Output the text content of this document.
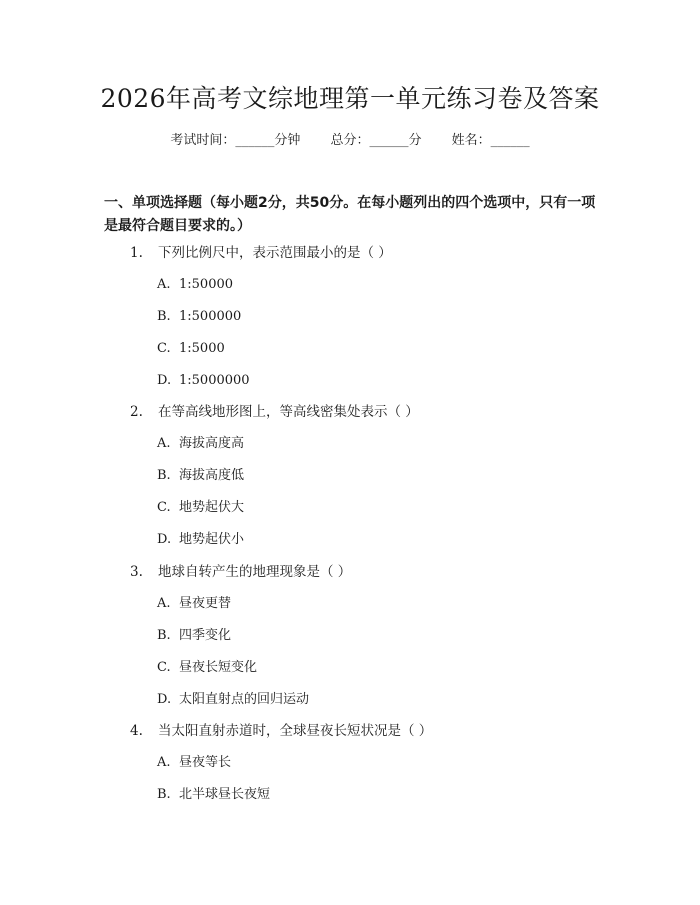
2026年高考文综地理第一单元练习卷及答案
考试时间：______分钟 总分：______分 姓名：______
一、单项选择题（每小题2分，共50分。在每小题列出的四个选项中，只有一项是最符合题目要求的。）
1. 下列比例尺中，表示范围最小的是（ ）
A. 1:50000
B. 1:500000
C. 1:5000
D. 1:5000000
2. 在等高线地形图上，等高线密集处表示（ ）
A. 海拔高度高
B. 海拔高度低
C. 地势起伏大
D. 地势起伏小
3. 地球自转产生的地理现象是（ ）
A. 昼夜更替
B. 四季变化
C. 昼夜长短变化
D. 太阳直射点的回归运动
4. 当太阳直射赤道时，全球昼夜长短状况是（ ）
A. 昼夜等长
B. 北半球昼长夜短
